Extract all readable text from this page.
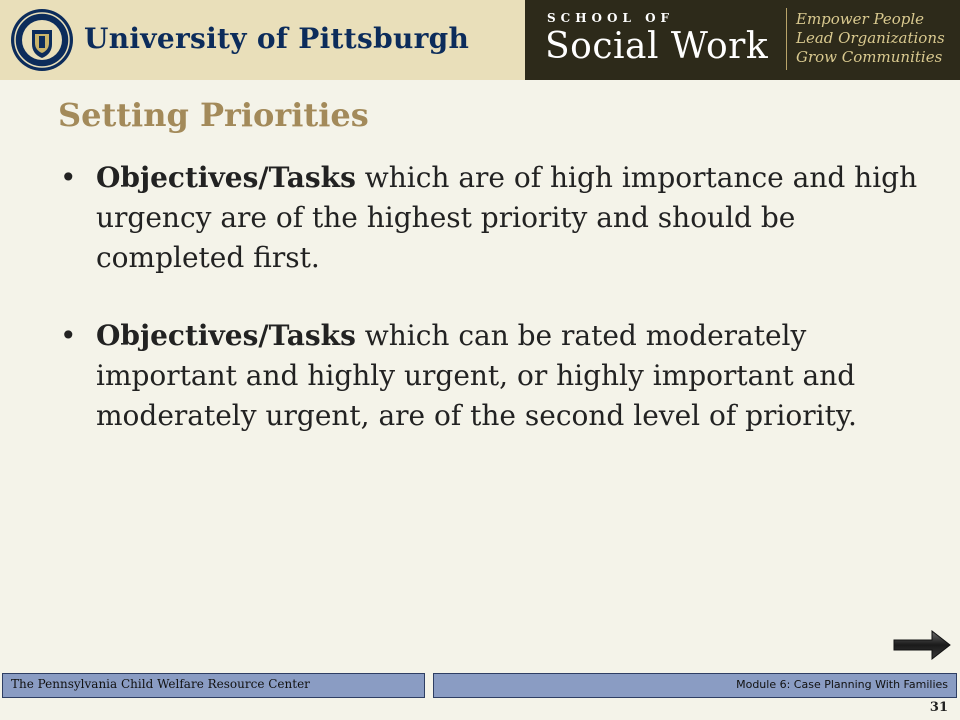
University of Pittsburgh
SCHOOL OF
Social Work
Empower People
Lead Organizations
Grow Communities
Setting Priorities
• Objectives/Tasks which are of high importance and high urgency are of the highest priority and should be completed first.
• Objectives/Tasks which can be rated moderately important and highly urgent, or highly important and moderately urgent, are of the second level of priority.
The Pennsylvania Child Welfare Resource Center	Module 6: Case Planning With Families
31
